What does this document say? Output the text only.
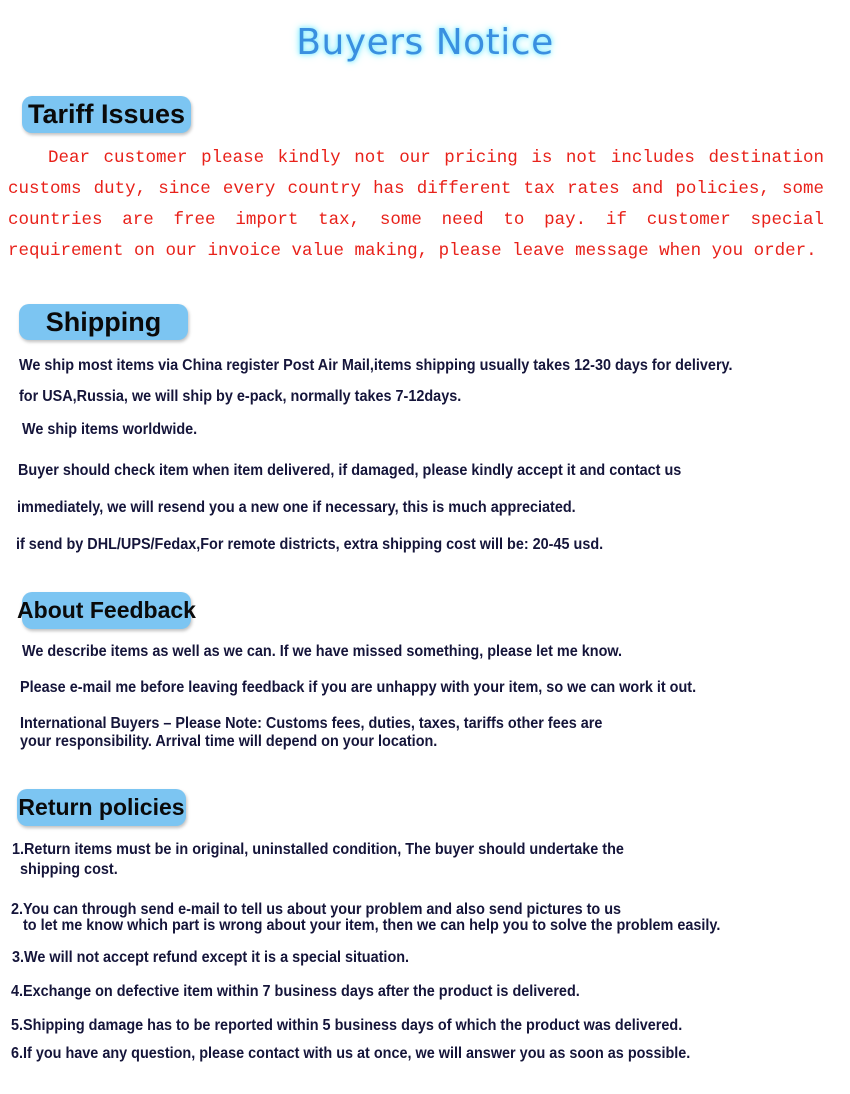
Buyers Notice
Tariff Issues

Dear customer please kindly not our pricing is not includes destination customs duty, since every country has different tax rates and policies, some countries are free import tax, some need to pay. if customer special requirement on our invoice value making, please leave message when you order.

Shipping

We ship most items via China register Post Air Mail,items shipping usually takes 12-30 days for delivery.

for USA,Russia, we will ship by e-pack, normally takes 7-12days.

We ship items worldwide.

Buyer should check item when item delivered, if damaged, please kindly accept it and contact us

immediately, we will resend you a new one if necessary, this is much appreciated.

if send by DHL/UPS/Fedax,For remote districts, extra shipping cost will be: 20-45 usd.

About Feedback

We describe items as well as we can. If we have missed something, please let me know.

Please e-mail me before leaving feedback if you are unhappy with your item, so we can work it out.

International Buyers – Please Note: Customs fees, duties, taxes, tariffs other fees are

your responsibility. Arrival time will depend on your location.

Return policies

1.Return items must be in original, uninstalled condition, The buyer should undertake the

shipping cost.

2.You can through send e-mail to tell us about your problem and also send pictures to us

to let me know which part is wrong about your item, then we can help you to solve the problem easily.

3.We will not accept refund except it is a special situation.

4.Exchange on defective item within 7 business days after the product is delivered.

5.Shipping damage has to be reported within 5 business days of which the product was delivered.

6.If you have any question, please contact with us at once, we will answer you as soon as possible.
